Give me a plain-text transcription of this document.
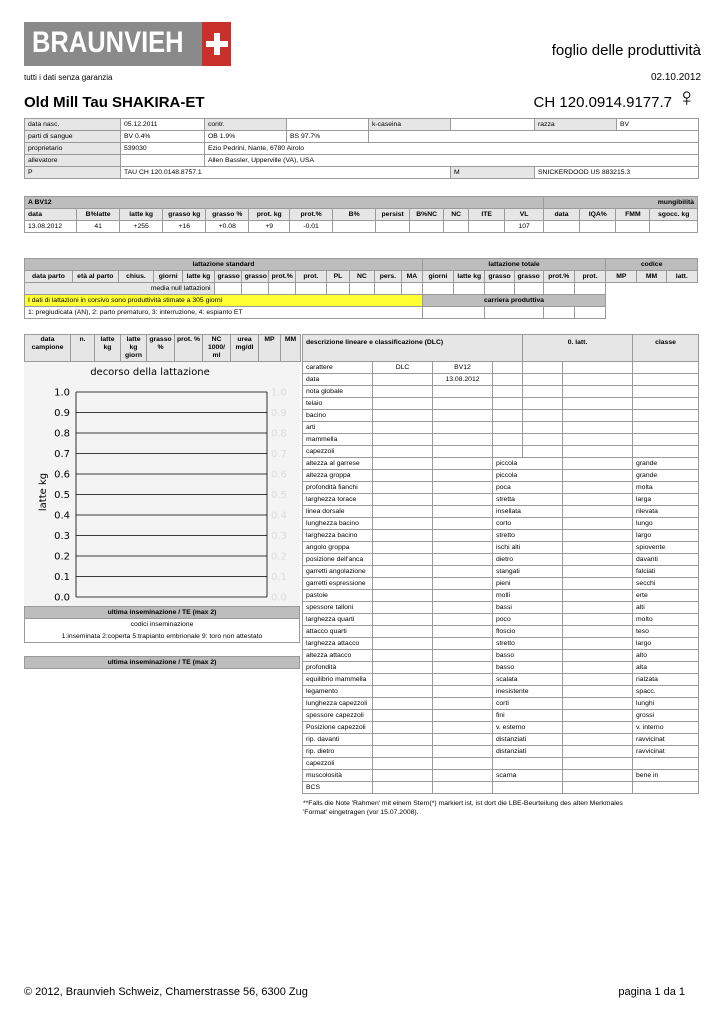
BRAUNVIEH	foglio delle produttività
tutti i dati senza garanzia	02.10.2012
Old Mill Tau SHAKIRA-ET	CH 120.0914.9177.7 ♀
data nasc.	05.12.2011	contr.		k-caseina		razza	BV
parti di sangue	BV 0.4%	OB 1.9%	BS 97.7%				
proprietario	539030	Ezio Pedrini, Nante, 6780 Airolo					
allevatore		Allen Bassler, Upperville (VA), USA					
P	TAU CH 120.0148.8757.1				M	SNICKERDOOD US 883215.3	
A BV12													mungibilità			
data	B%latte	latte kg	grasso kg	grasso %	prot. kg	prot.%	B%	persist	B%NC	NC	ITE	VL	data	IQA%	FMM	sgocc. kg
13.08.2012	41	+255	+16	+0.08	+9	-0.01						107				
lattazione standard													lattazione totale						codice		
data parto	età al parto	chius.	giorni	latte kg	grasso	grasso	prot.%	prot.	PL	NC	pers.	MA	giorni	latte kg	grasso	grasso	prot.%	prot.	MP	MM	latt.
media null lattazioni																					
I dati di lattazioni in corsivo sono produttività stimate a 305 giorni													carriera produttiva								
1: pregiudicata (AN), 2: parto prematuro, 3: interruzione, 4: espianto ET																					
data campione	n.	latte kg	latte kg giorn	grasso %	prot. %	NC 1000/ ml	urea mg/dl	MP	MM
decorso della lattazione
latte kg
1.0	1.0
0.9	0.9
0.8	0.8
0.7	0.7
0.6	0.6
0.5	0.5
0.4	0.4
0.3	0.3
0.2	0.2
0.1	0.1
0.0	0.0
ultima inseminazione / TE (max 2)
codici inseminazione
1:inseminata 2:coperta 5:trapianto embrionale 9: toro non attestato
ultima inseminazione / TE (max 2)
descrizione lineare e classificazione (DLC)				0. latt.		classe
carattere	DLC	BV12				
data		13.08.2012				
nota globale						
telaio						
bacino						
arti						
mammella						
capezzoli						
altezza al garrese			piccola			grande
altezza groppa			piccola			grande
profondità fianchi			poca			molta
larghezza torace			stretta			larga
linea dorsale			insellata			rilevata
lunghezza bacino			corto			lungo
larghezza bacino			stretto			largo
angolo groppa			ischi alti			spiovente
posizione dell'anca			dietro			davanti
garretti angolazione			stangati			falciati
garretti espressione			pieni			secchi
pastoie			molli			erte
spessore talloni			bassi			alti
larghezza quarti			poco			molto
attacco quarti			floscio			teso
larghezza attacco			stretto			largo
altezza attacco			basso			alto
profondità			basso			alta
equilibrio mammella			scalata			rialzata
legamento			inesistente			spacc.
lunghezza capezzoli			corti			lunghi
spessore capezzoli			fini			grossi
Posizione capezzoli			v. esterno			v. interno
rip. davanti			distanziati			ravvicinat
rip. dietro			distanziati			ravvicinat
capezzoli						
muscolosità			scarna			bene in
BCS						
**Falls die Note 'Rahmen' mit einem Stern(*) markiert ist, ist dort die LBE-Beurteilung des alten Merkmales
'Format' eingetragen (vor 15.07.2008).
© 2012, Braunvieh Schweiz, Chamerstrasse 56, 6300 Zug	pagina 1 da 1
